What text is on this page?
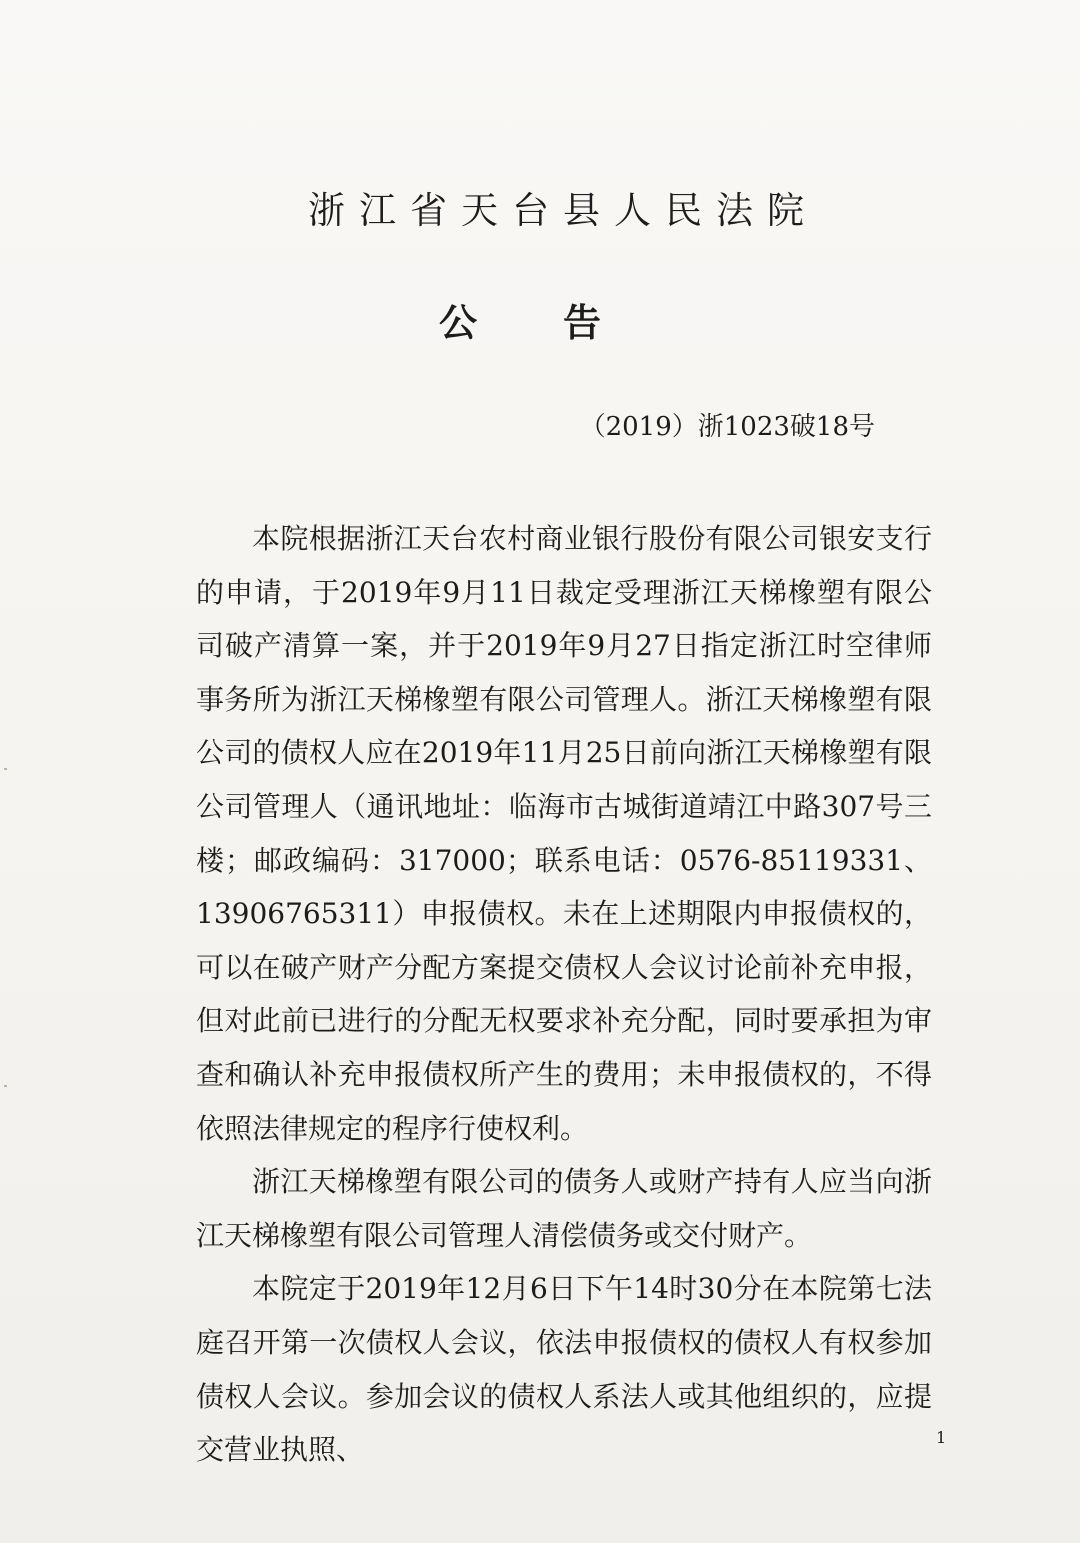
浙江省天台县人民法院
公告
（2019）浙1023破18号

本院根据浙江天台农村商业银行股份有限公司银安支行的申请，于2019年9月11日裁定受理浙江天梯橡塑有限公司破产清算一案，并于2019年9月27日指定浙江时空律师事务所为浙江天梯橡塑有限公司管理人。浙江天梯橡塑有限公司的债权人应在2019年11月25日前向浙江天梯橡塑有限公司管理人（通讯地址：临海市古城街道靖江中路307号三楼；邮政编码：317000；联系电话：0576-85119331、13906765311）申报债权。未在上述期限内申报债权的，可以在破产财产分配方案提交债权人会议讨论前补充申报，但对此前已进行的分配无权要求补充分配，同时要承担为审查和确认补充申报债权所产生的费用；未申报债权的，不得依照法律规定的程序行使权利。

浙江天梯橡塑有限公司的债务人或财产持有人应当向浙江天梯橡塑有限公司管理人清偿债务或交付财产。

本院定于2019年12月6日下午14时30分在本院第七法庭召开第一次债权人会议，依法申报债权的债权人有权参加债权人会议。参加会议的债权人系法人或其他组织的，应提交营业执照、	1
